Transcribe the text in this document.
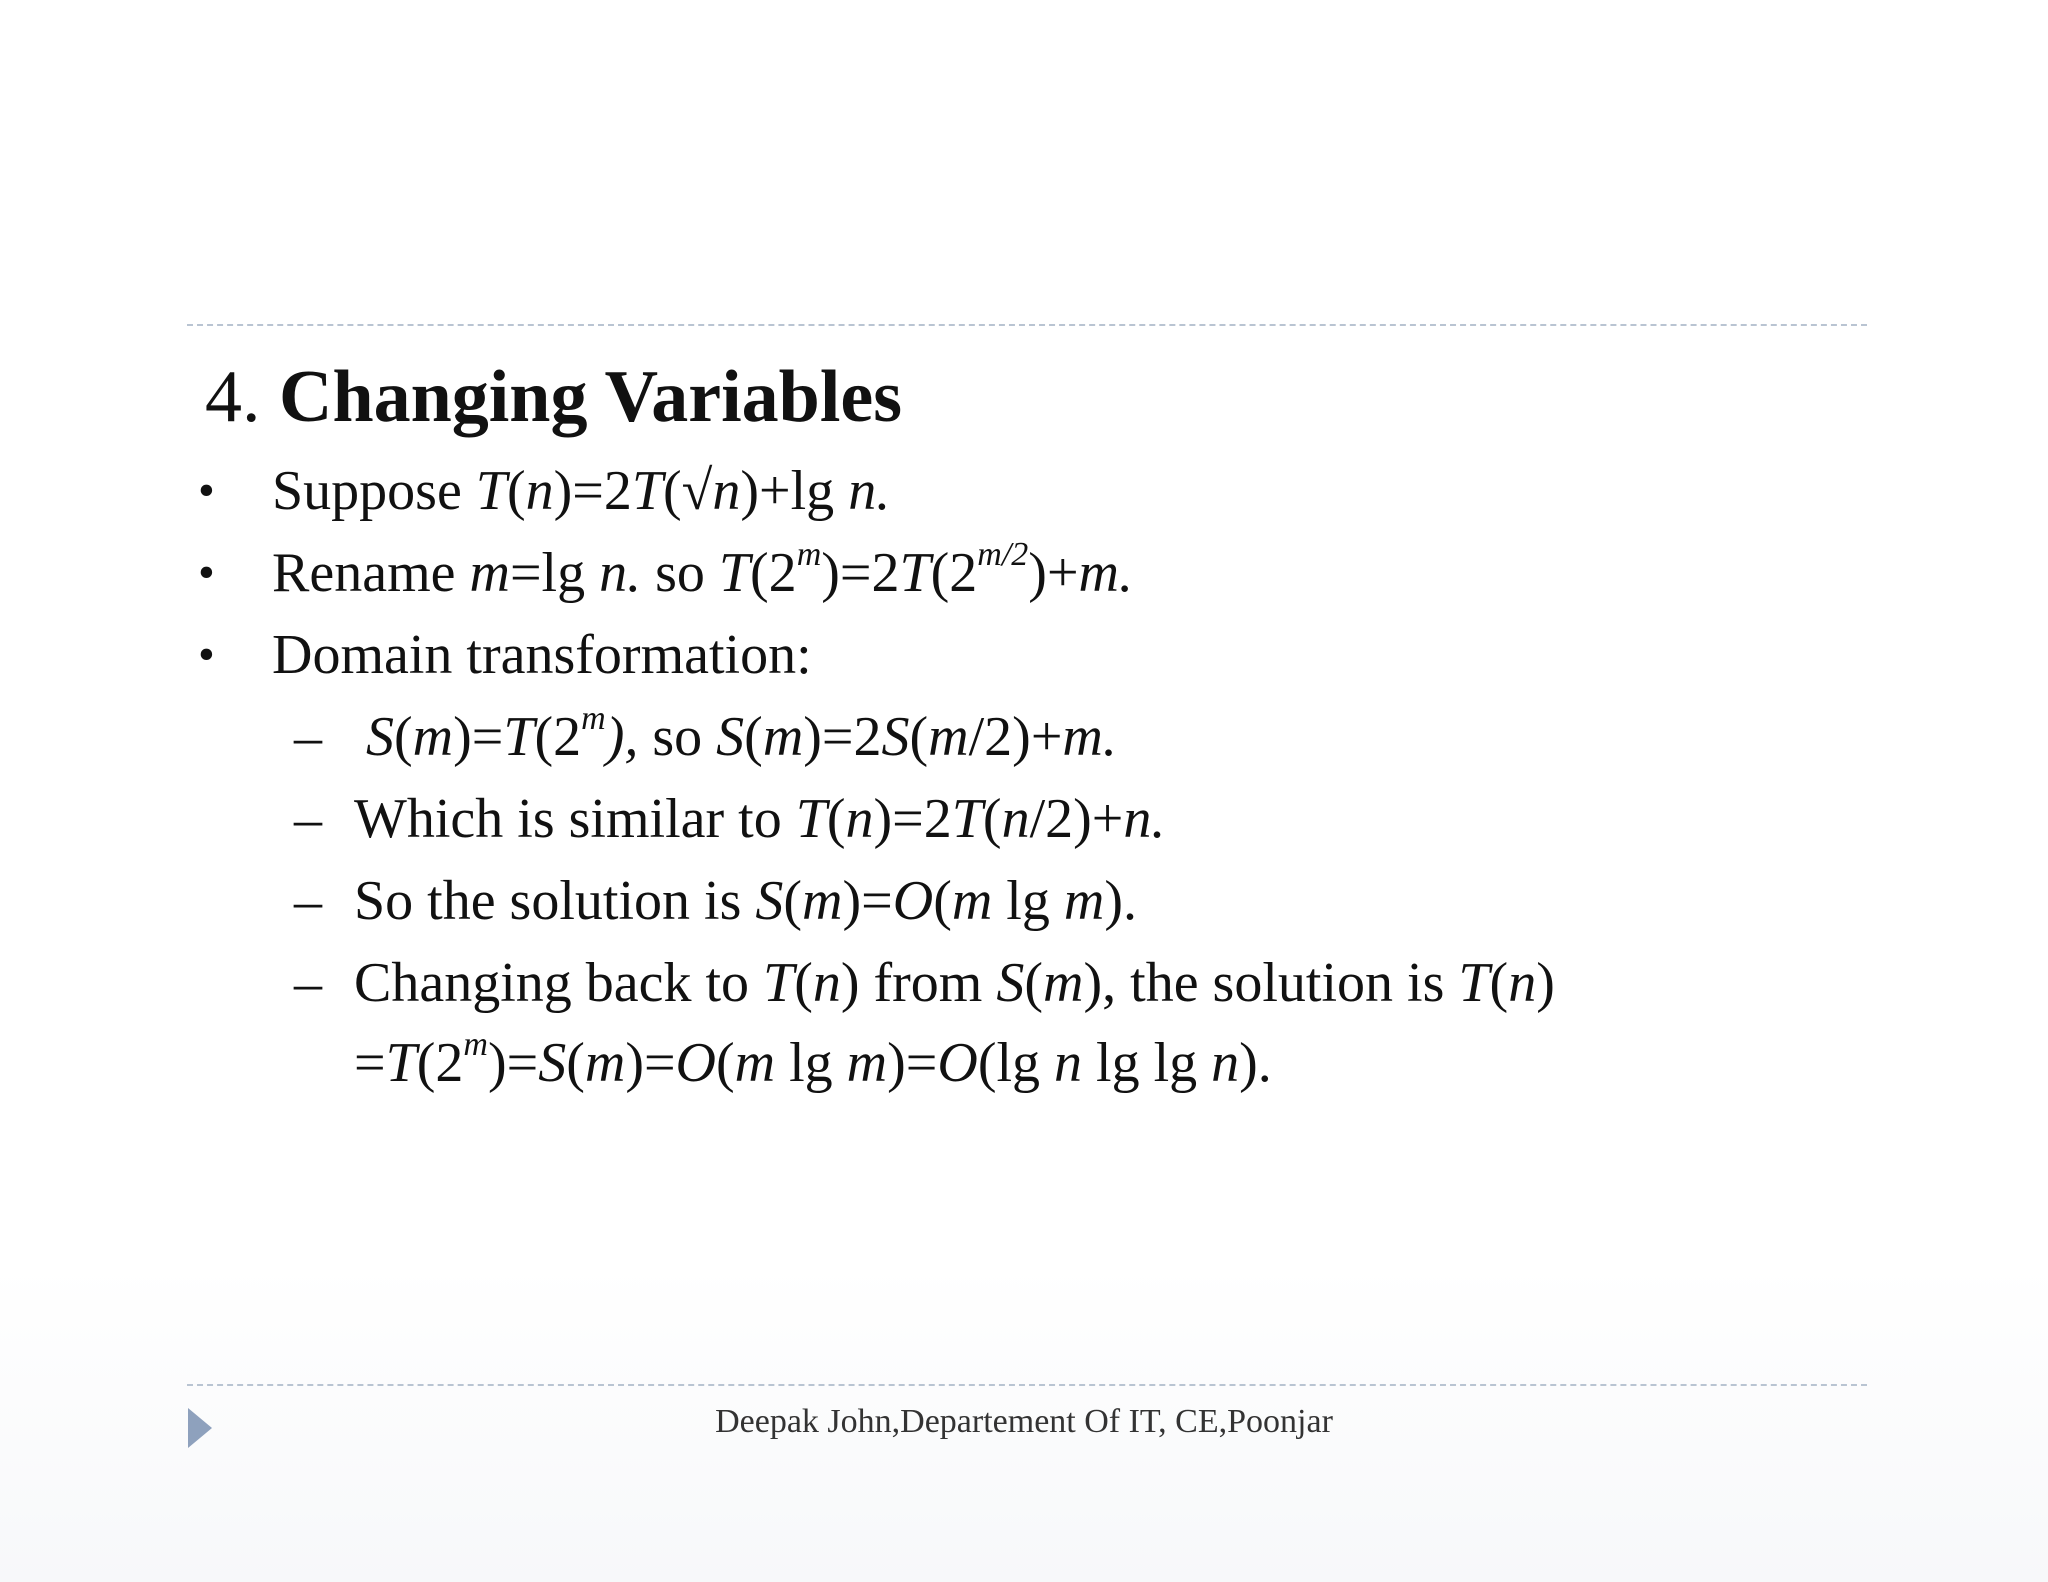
4. Changing Variables
• Suppose T(n)=2T(√n)+lg n.
• Rename m=lg n. so $T(2^m)=2T(2^{m/2})+m$.
• Domain transformation:
– $S(m)=T(2^m)$, so S(m)=2S(m/2)+m.
– Which is similar to T(n)=2T(n/2)+n.
– So the solution is S(m)=O(m lg m).
– Changing back to T(n) from S(m), the solution is T(n)
$=T(2^m)=S(m)=O(m$ lg m)=O(lg n lg lg n).
Deepak John,Departement Of IT, CE,Poonjar
